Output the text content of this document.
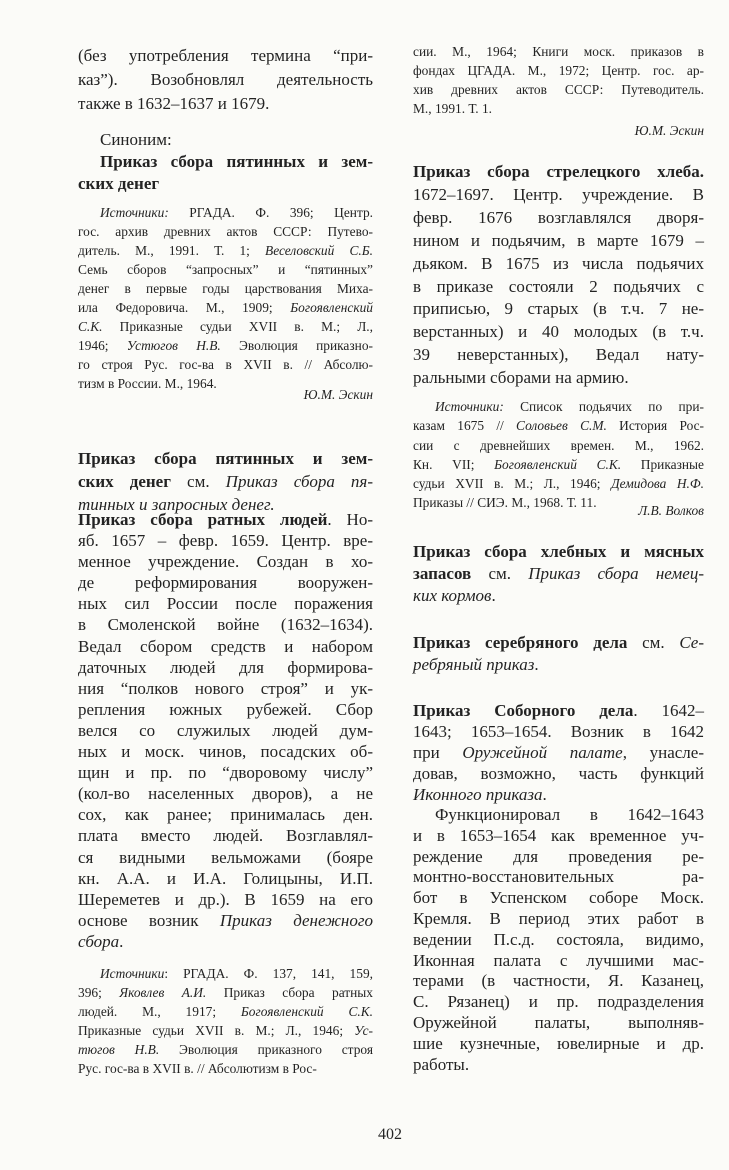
(без употребления термина “при-
каз”). Возобновлял деятельность
также в 1632–1637 и 1679.
Синоним:
Приказ сбора пятинных и зем-
ских денег
Источники: РГАДА. Ф. 396; Центр.
гос. архив древних актов СССР: Путево-
дитель. М., 1991. Т. 1; Веселовский С.Б.
Семь сборов “запросных” и “пятинных”
денег в первые годы царствования Миха-
ила Федоровича. М., 1909; Богоявленский
С.К. Приказные судьи XVII в. М.; Л.,
1946; Устюгов Н.В. Эволюция приказно-
го строя Рус. гос-ва в XVII в. // Абсолю-
тизм в России. М., 1964.
Ю.М. Эскин
Приказ сбора пятинных и зем-
ских денег см. Приказ сбора пя-
тинных и запросных денег.
Приказ сбора ратных людей. Но-
яб. 1657 – февр. 1659. Центр. вре-
менное учреждение. Создан в хо-
де реформирования вооружен-
ных сил России после поражения
в Смоленской войне (1632–1634).
Ведал сбором средств и набором
даточных людей для формирова-
ния “полков нового строя” и ук-
репления южных рубежей. Сбор
велся со служилых людей дум-
ных и моск. чинов, посадских об-
щин и пр. по “дворовому числу”
(кол-во населенных дворов), а не
сох, как ранее; принималась ден.
плата вместо людей. Возглавлял-
ся видными вельможами (бояре
кн. А.А. и И.А. Голицыны, И.П.
Шереметев и др.). В 1659 на его
основе возник Приказ денежного
сбора.
Источники: РГАДА. Ф. 137, 141, 159,
396; Яковлев А.И. Приказ сбора ратных
людей. М., 1917; Богоявленский С.К.
Приказные судьи XVII в. М.; Л., 1946; Ус-
тюгов Н.В. Эволюция приказного строя
Рус. гос-ва в XVII в. // Абсолютизм в Рос-
сии. М., 1964; Книги моск. приказов в
фондах ЦГАДА. М., 1972; Центр. гос. ар-
хив древних актов СССР: Путеводитель.
М., 1991. Т. 1.
Ю.М. Эскин
Приказ сбора стрелецкого хлеба.
1672–1697. Центр. учреждение. В
февр. 1676 возглавлялся дворя-
нином и подьячим, в марте 1679 –
дьяком. В 1675 из числа подьячих
в приказе состояли 2 подьячих с
приписью, 9 старых (в т.ч. 7 не-
верстанных) и 40 молодых (в т.ч.
39 неверстанных), Ведал нату-
ральными сборами на армию.
Источники: Список подьячих по при-
казам 1675 // Соловьев С.М. История Рос-
сии с древнейших времен. М., 1962.
Кн. VII; Богоявленский С.К. Приказные
судьи XVII в. М.; Л., 1946; Демидова Н.Ф.
Приказы // СИЭ. М., 1968. Т. 11.
Л.В. Волков
Приказ сбора хлебных и мясных
запасов см. Приказ сбора немец-
ких кормов.
Приказ серебряного дела см. Се-
ребряный приказ.
Приказ Соборного дела. 1642–
1643; 1653–1654. Возник в 1642
при Оружейной палате, унасле-
довав, возможно, часть функций
Иконного приказа.
Функционировал в 1642–1643
и в 1653–1654 как временное уч-
реждение для проведения ре-
монтно-восстановительных ра-
бот в Успенском соборе Моск.
Кремля. В период этих работ в
ведении П.с.д. состояла, видимо,
Иконная палата с лучшими мас-
терами (в частности, Я. Казанец,
С. Рязанец) и пр. подразделения
Оружейной палаты, выполняв-
шие кузнечные, ювелирные и др.
работы.
402
